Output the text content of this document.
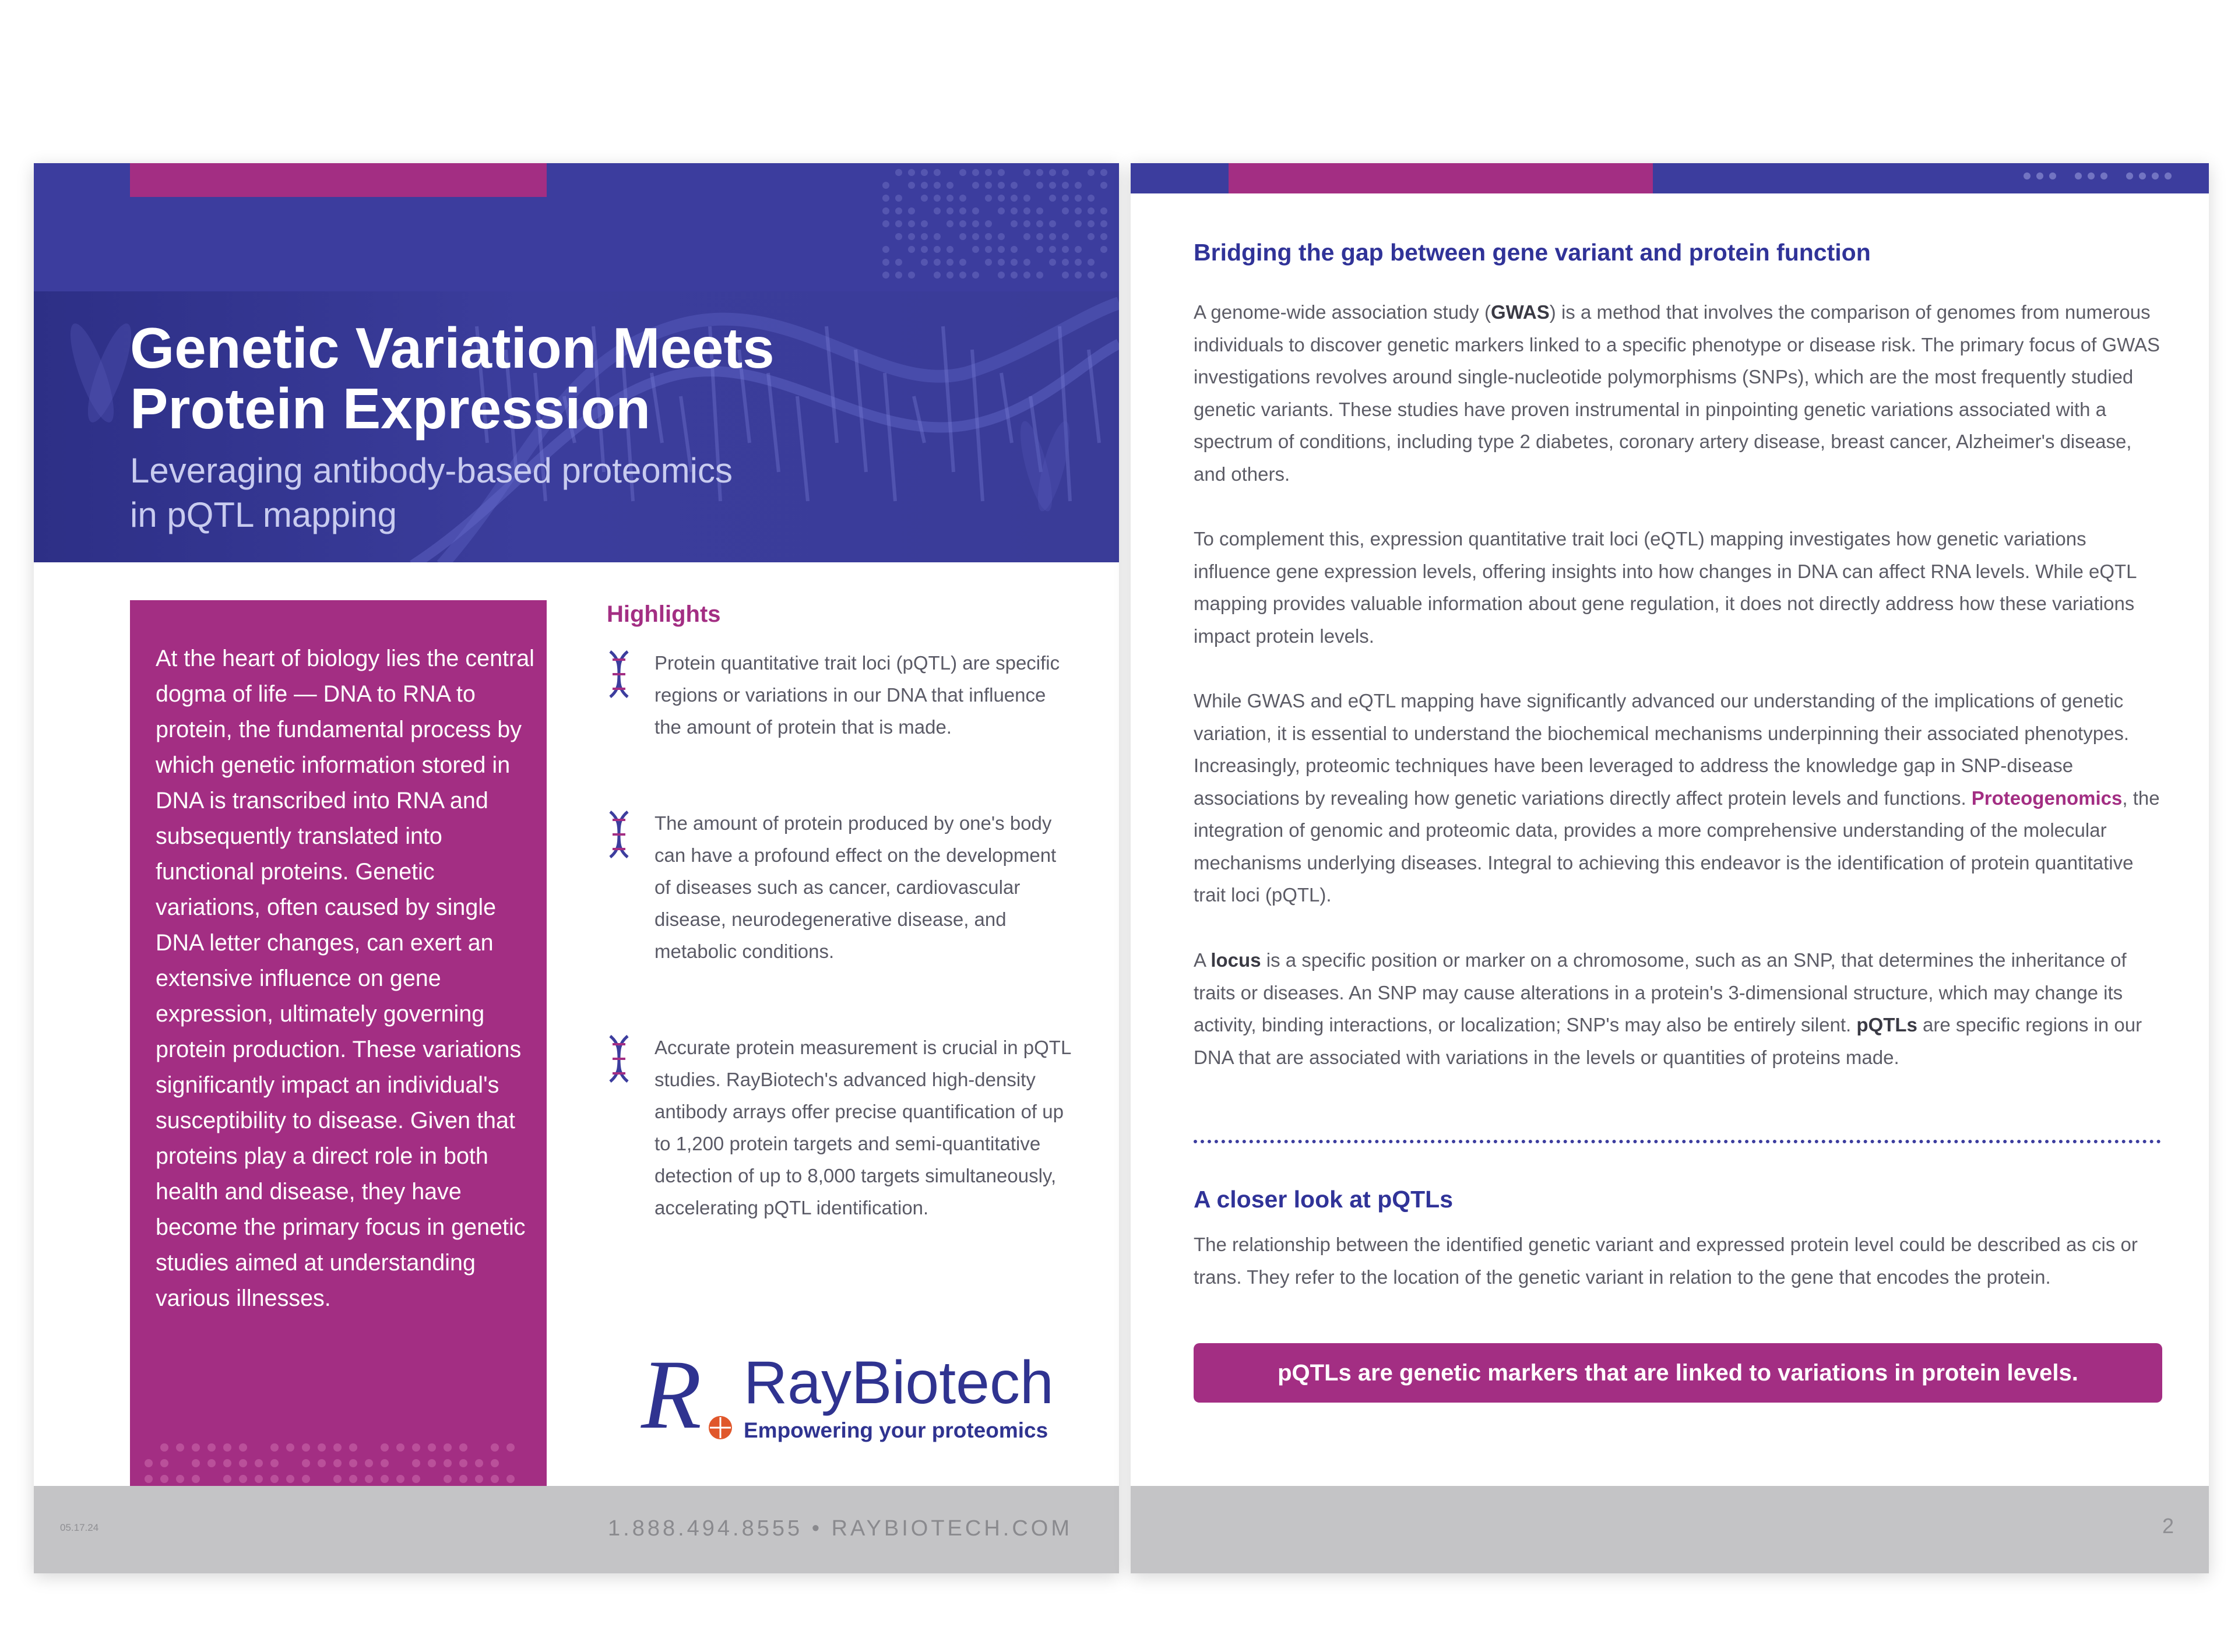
Genetic Variation Meets
Protein Expression
Leveraging antibody-based proteomics
in pQTL mapping
At the heart of biology lies the central dogma of life — DNA to RNA to protein, the fundamental process by which genetic information stored in DNA is transcribed into RNA and subsequently translated into functional proteins. Genetic variations, often caused by single DNA letter changes, can exert an extensive influence on gene expression, ultimately governing protein production. These variations significantly impact an individual's susceptibility to disease. Given that proteins play a direct role in both health and disease, they have become the primary focus in genetic studies aimed at understanding various illnesses.
Highlights
Protein quantitative trait loci (pQTL) are specific regions or variations in our DNA that influence the amount of protein that is made.
The amount of protein produced by one's body can have a profound effect on the development of diseases such as cancer, cardiovascular disease, neurodegenerative disease, and metabolic conditions.
Accurate protein measurement is crucial in pQTL studies. RayBiotech's advanced high-density antibody arrays offer precise quantification of up to 1,200 protein targets and semi-quantitative detection of up to 8,000 targets simultaneously, accelerating pQTL identification.
R RayBiotech
Empowering your proteomics
05.17.24	1.888.494.8555 • RAYBIOTECH.COM
Bridging the gap between gene variant and protein function
A genome-wide association study (GWAS) is a method that involves the comparison of genomes from numerous individuals to discover genetic markers linked to a specific phenotype or disease risk. The primary focus of GWAS investigations revolves around single-nucleotide polymorphisms (SNPs), which are the most frequently studied genetic variants. These studies have proven instrumental in pinpointing genetic variations associated with a spectrum of conditions, including type 2 diabetes, coronary artery disease, breast cancer, Alzheimer's disease, and others.
To complement this, expression quantitative trait loci (eQTL) mapping investigates how genetic variations influence gene expression levels, offering insights into how changes in DNA can affect RNA levels. While eQTL mapping provides valuable information about gene regulation, it does not directly address how these variations impact protein levels.
While GWAS and eQTL mapping have significantly advanced our understanding of the implications of genetic variation, it is essential to understand the biochemical mechanisms underpinning their associated phenotypes. Increasingly, proteomic techniques have been leveraged to address the knowledge gap in SNP-disease associations by revealing how genetic variations directly affect protein levels and functions. Proteogenomics, the integration of genomic and proteomic data, provides a more comprehensive understanding of the molecular mechanisms underlying diseases. Integral to achieving this endeavor is the identification of protein quantitative trait loci (pQTL).
A locus is a specific position or marker on a chromosome, such as an SNP, that determines the inheritance of traits or diseases. An SNP may cause alterations in a protein's 3-dimensional structure, which may change its activity, binding interactions, or localization; SNP's may also be entirely silent. pQTLs are specific regions in our DNA that are associated with variations in the levels or quantities of proteins made.
A closer look at pQTLs
The relationship between the identified genetic variant and expressed protein level could be described as cis or trans. They refer to the location of the genetic variant in relation to the gene that encodes the protein.
pQTLs are genetic markers that are linked to variations in protein levels.
2
